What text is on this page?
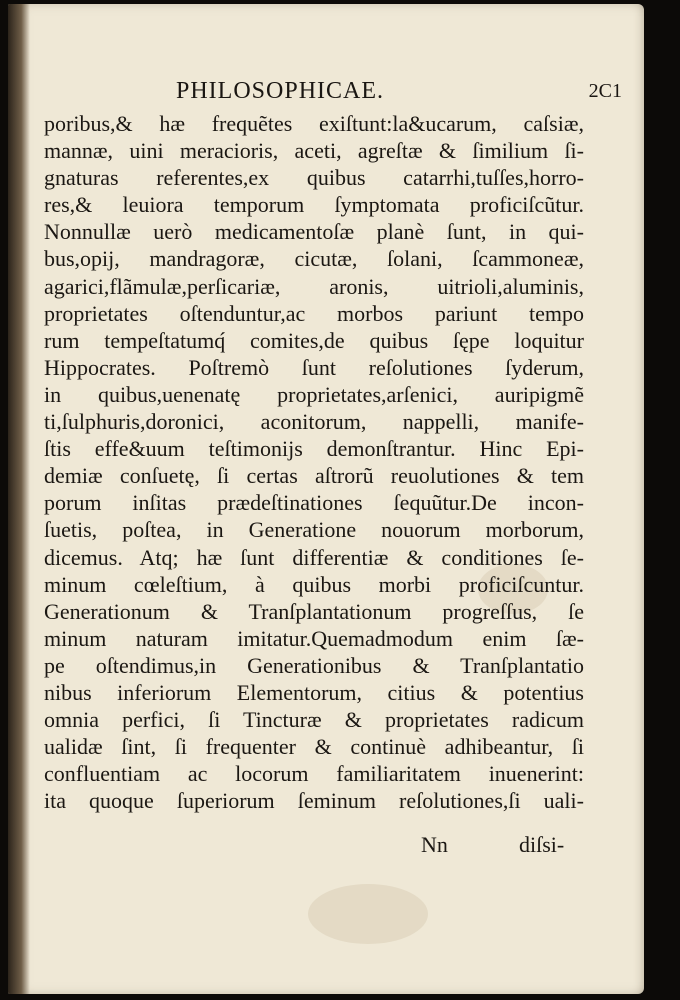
PHILOSOPHICAE.	2C1
poribus,& hæ frequẽtes exiſtunt:la&ucarum, caſsiæ,
mannæ, uini meracioris, aceti, agreſtæ & ſimilium ſi-
gnaturas referentes,ex quibus catarrhi,tuſſes,horro-
res,& leuiora temporum ſymptomata proficiſcũtur.
Nonnullæ uerò medicamentoſæ planè ſunt, in qui-
bus,opij, mandragoræ, cicutæ, ſolani, ſcammoneæ,
agarici,flãmulæ,perſicariæ, aronis, uitrioli,aluminis,
proprietates oſtenduntur,ac morbos pariunt tempo
rum tempeſtatumq́ comites,de quibus ſępe loquitur
Hippocrates. Poſtremò ſunt reſolutiones ſyderum,
in quibus,uenenatę proprietates,arſenici, auripigmẽ
ti,ſulphuris,doronici, aconitorum, nappelli, manife-
ſtis effe&uum teſtimonijs demonſtrantur. Hinc Epi-
demiæ conſuetę, ſi certas aſtrorũ reuolutiones & tem
porum inſitas prædeſtinationes ſequũtur.De incon-
ſuetis, poſtea, in Generatione nouorum morborum,
dicemus. Atq; hæ ſunt differentiæ & conditiones ſe-
minum cœleſtium, à quibus morbi proficiſcuntur.
Generationum & Tranſplantationum progreſſus, ſe
minum naturam imitatur.Quemadmodum enim ſæ-
pe oſtendimus,in Generationibus & Tranſplantatio
nibus inferiorum Elementorum, citius & potentius
omnia perfici, ſi Tincturæ & proprietates radicum
ualidæ ſint, ſi frequenter & continuè adhibeantur, ſi
confluentiam ac locorum familiaritatem inuenerint:
ita quoque ſuperiorum ſeminum reſolutiones,ſi uali-
Nn	diſsi-
